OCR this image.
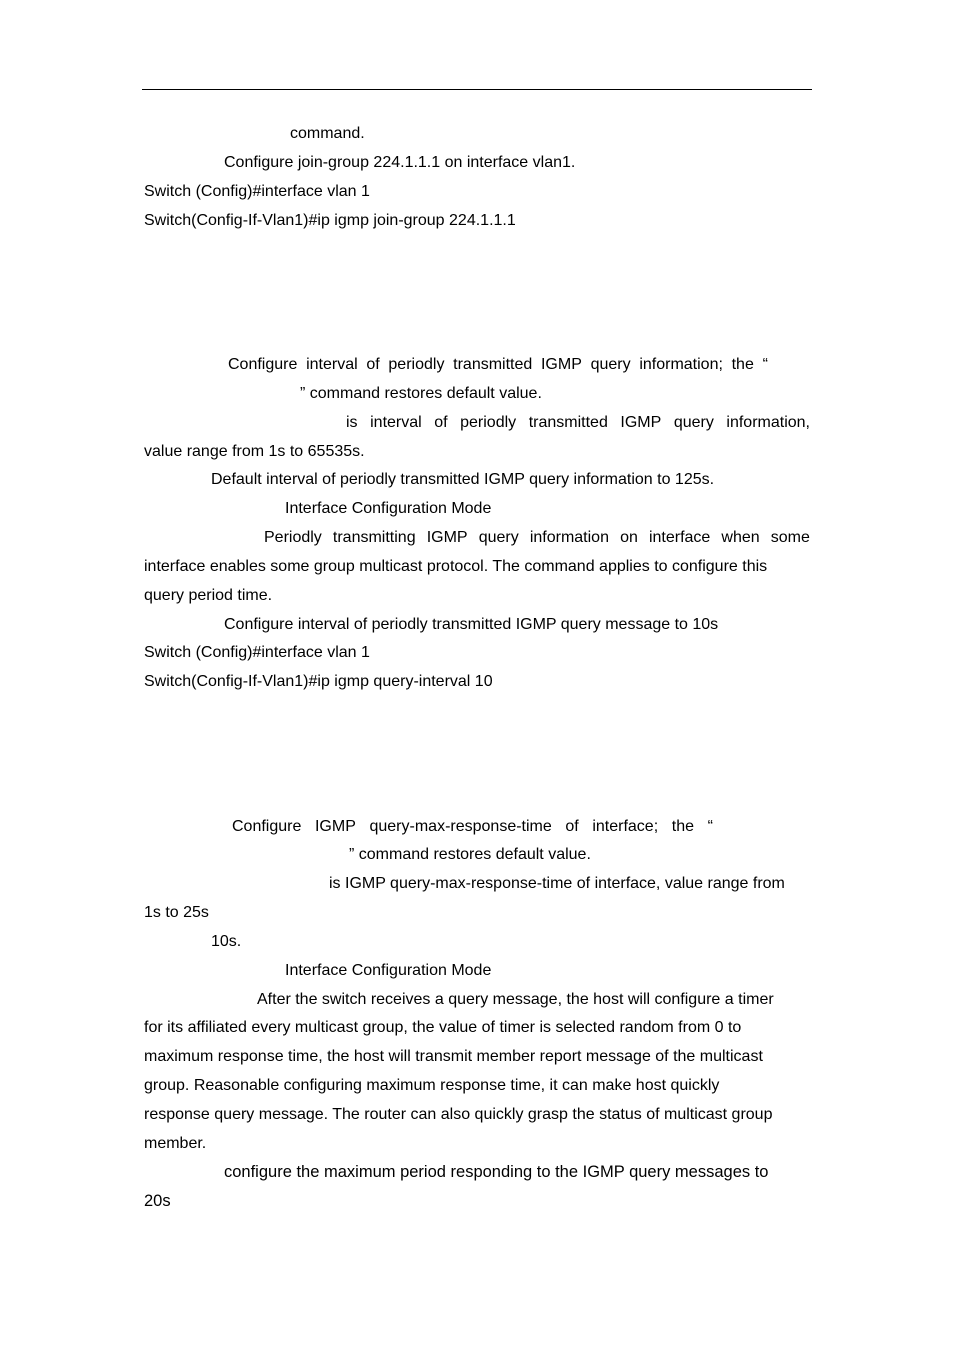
command.
Configure join-group 224.1.1.1 on interface vlan1.
Switch (Config)#interface vlan 1
Switch(Config-If-Vlan1)#ip igmp join-group 224.1.1.1
Configure interval of periodly transmitted IGMP query information; the “
” command restores default value.
is interval of periodly transmitted IGMP query information,
value range from 1s to 65535s.
Default interval of periodly transmitted IGMP query information to 125s.
Interface Configuration Mode
Periodly transmitting IGMP query information on interface when some
interface enables some group multicast protocol. The command applies to configure this
query period time.
Configure interval of periodly transmitted IGMP query message to 10s
Switch (Config)#interface vlan 1
Switch(Config-If-Vlan1)#ip igmp query-interval 10
Configure IGMP query-max-response-time of interface; the “
” command restores default value.
is IGMP query-max-response-time of interface, value range from
1s to 25s
10s.
Interface Configuration Mode
After the switch receives a query message, the host will configure a timer
for its affiliated every multicast group, the value of timer is selected random from 0 to
maximum response time, the host will transmit member report message of the multicast
group. Reasonable configuring maximum response time, it can make host quickly
response query message. The router can also quickly grasp the status of multicast group
member.
configure the maximum period responding to the IGMP query messages to
20s
